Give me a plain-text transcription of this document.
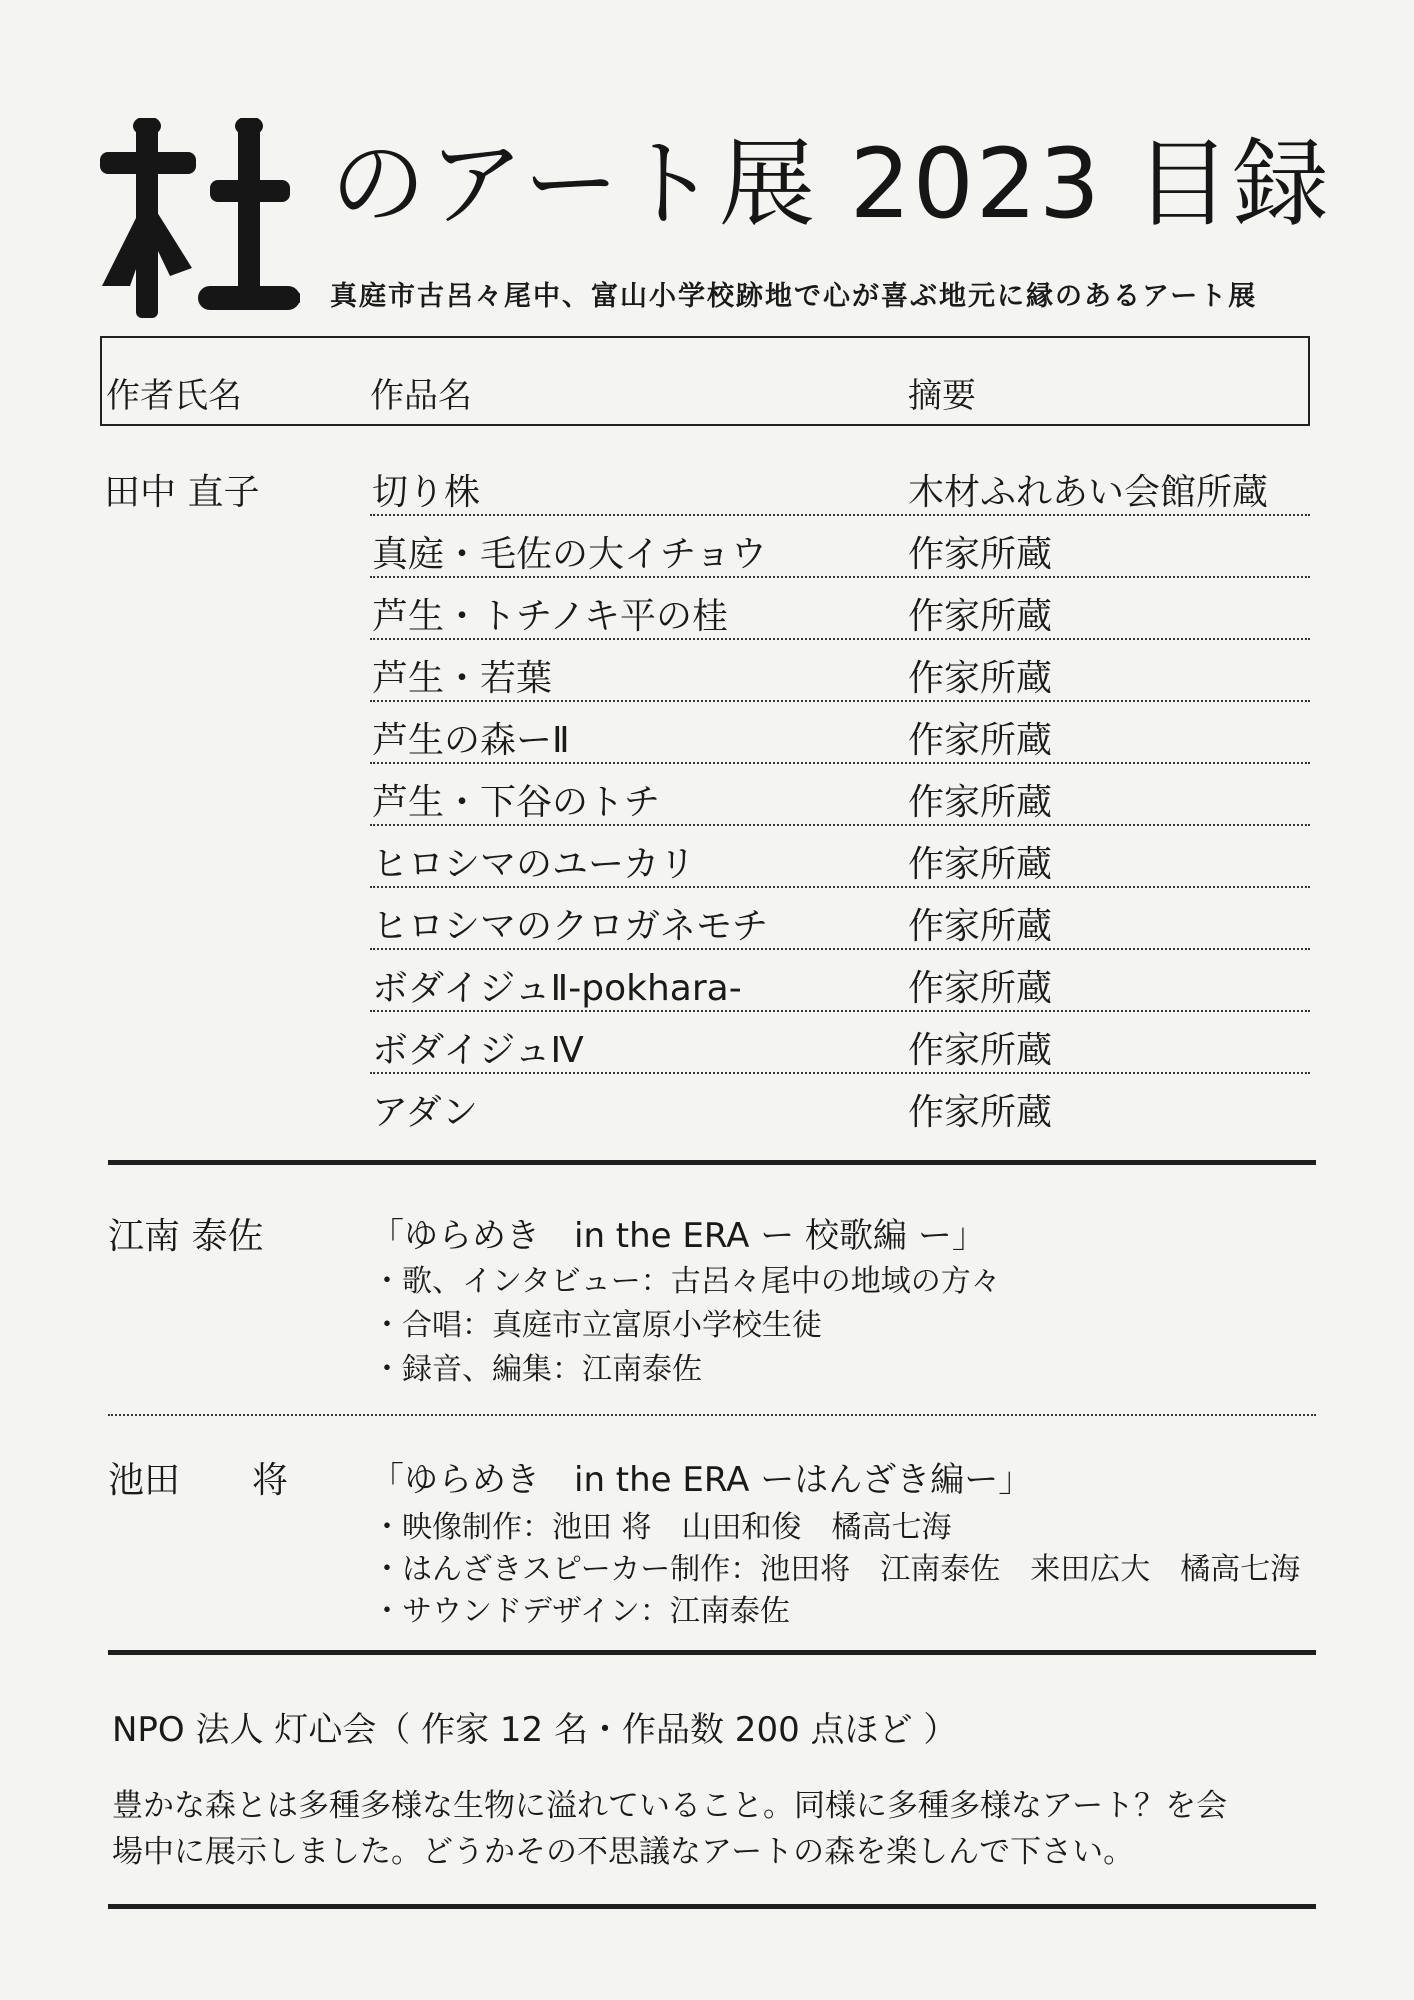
のアート展 2023 目録
真庭市古呂々尾中、富山小学校跡地で心が喜ぶ地元に縁のあるアート展
作者氏名	作品名	摘要
田中 直子	切り株	木材ふれあい会館所蔵
真庭・毛佐の大イチョウ	作家所蔵
芦生・トチノキ平の桂	作家所蔵
芦生・若葉	作家所蔵
芦生の森ーⅡ	作家所蔵
芦生・下谷のトチ	作家所蔵
ヒロシマのユーカリ	作家所蔵
ヒロシマのクロガネモチ	作家所蔵
ボダイジュⅡ-pokhara-	作家所蔵
ボダイジュⅣ	作家所蔵
アダン	作家所蔵
江南 泰佐	「ゆらめき　in the ERA ー 校歌編 ー」
・歌、インタビュー：古呂々尾中の地域の方々
・合唱：真庭市立富原小学校生徒
・録音、編集：江南泰佐
池田　　将 「ゆらめき　in the ERA ーはんざき編ー」
・映像制作：池田 将　山田和俊　橘高七海
・はんざきスピーカー制作：池田将　江南泰佐　来田広大　橘高七海
・サウンドデザイン：江南泰佐
NPO 法人 灯心会（ 作家 12 名・作品数 200 点ほど ）
豊かな森とは多種多様な生物に溢れていること。同様に多種多様なアート？を会
場中に展示しました。どうかその不思議なアートの森を楽しんで下さい。
